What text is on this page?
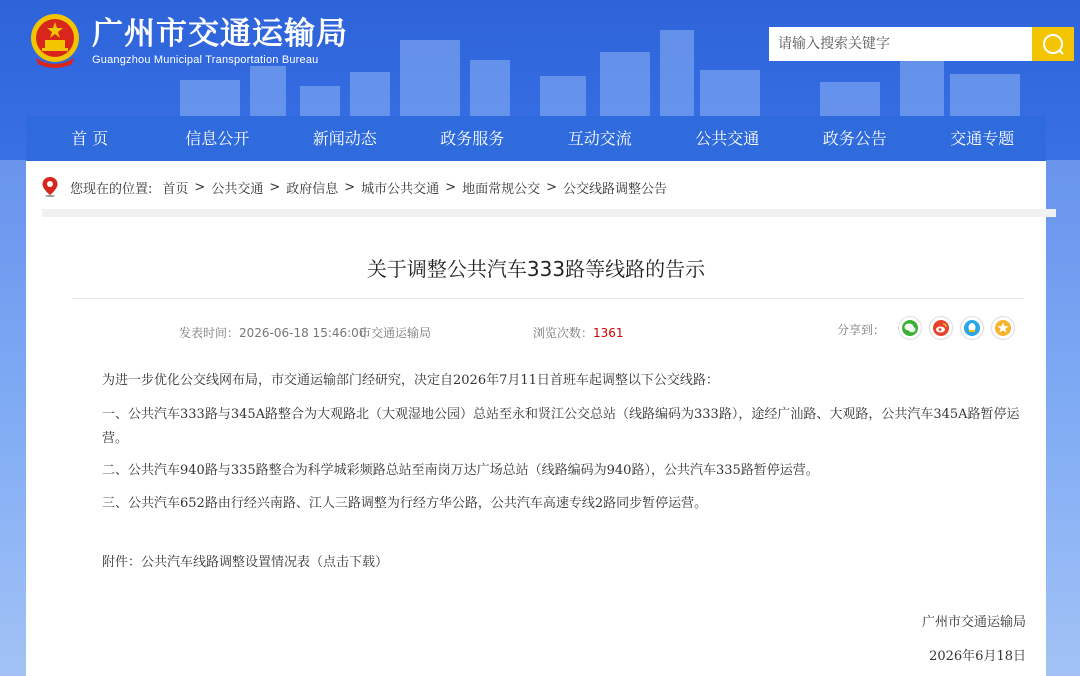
广州市交通运输局
Guangzhou Municipal Transportation Bureau
请输入搜索关键字
首 页	信息公开	新闻动态	政务服务	互动交流	公共交通	政务公告	交通专题
您现在的位置: 首页 > 公共交通 > 政府信息 > 城市公共交通 > 地面常规公交 > 公交线路调整公告
关于调整公共汽车333路等线路的告示
发表时间：2026-06-18 15:46:00
市交通运输局	浏览次数：1361	分享到：
为进一步优化公交线网布局，市交通运输部门经研究，决定自2026年7月11日首班车起调整以下公交线路：
一、公共汽车333路与345A路整合为大观路北（大观湿地公园）总站至永和贤江公交总站（线路编码为333路），途经广汕路、大观路，公共汽车345A路暂停运营。
二、公共汽车940路与335路整合为科学城彩频路总站至南岗万达广场总站（线路编码为940路），公共汽车335路暂停运营。
三、公共汽车652路由行经兴南路、江人三路调整为行经方华公路，公共汽车高速专线2路同步暂停运营。
附件：公共汽车线路调整设置情况表（点击下载）
广州市交通运输局
2026年6月18日
